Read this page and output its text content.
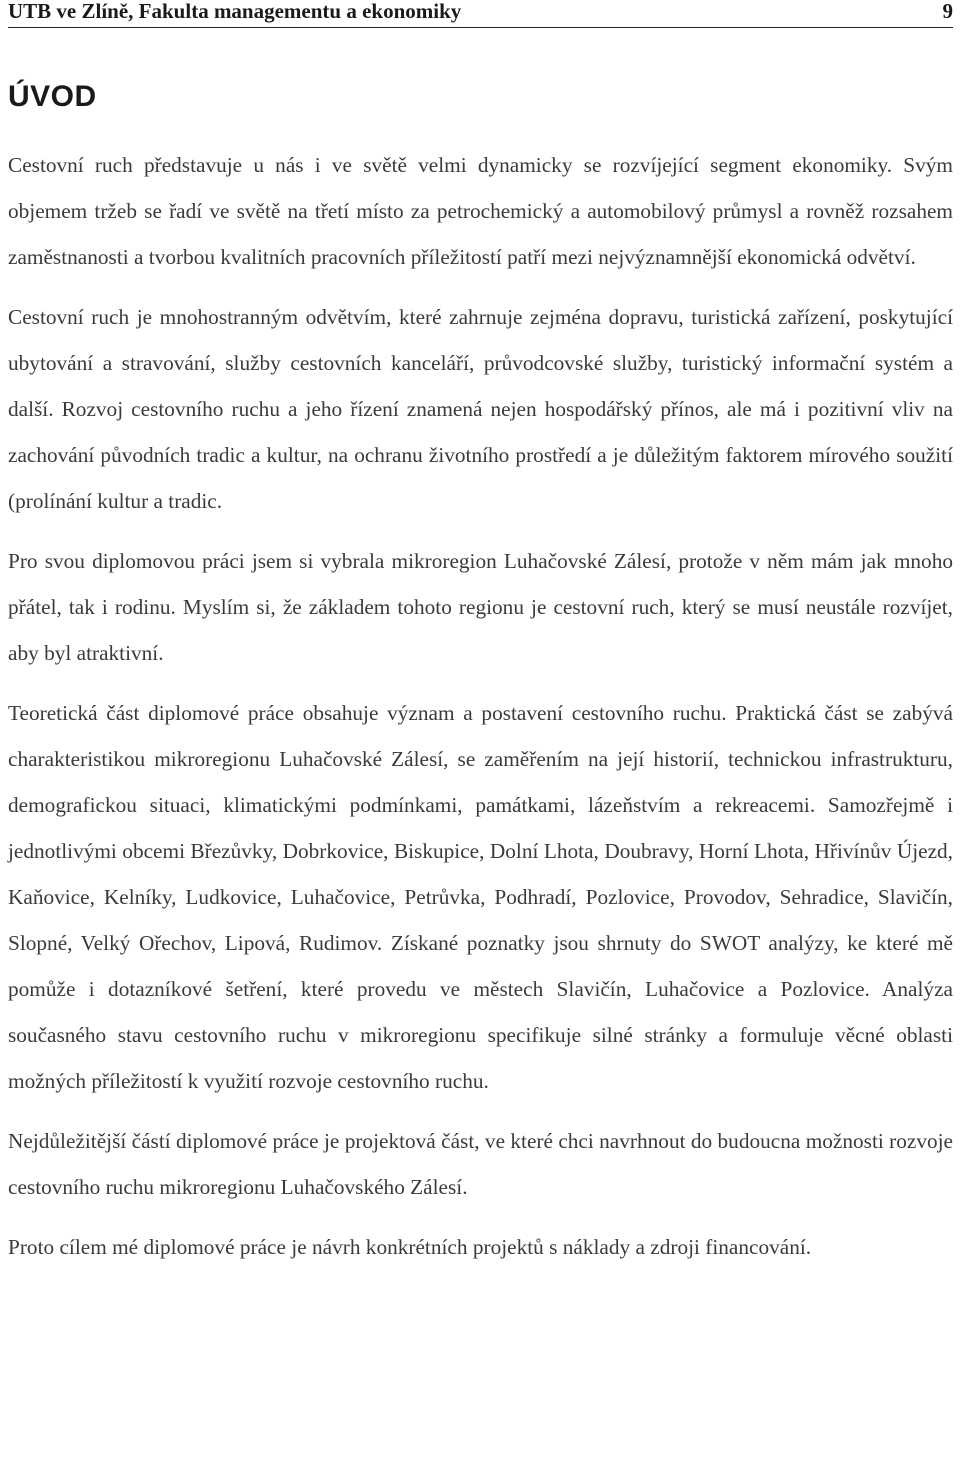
UTB ve Zlíně, Fakulta managementu a ekonomiky	9
ÚVOD

Cestovní ruch představuje u nás i ve světě velmi dynamicky se rozvíjející segment ekonomiky. Svým objemem tržeb se řadí ve světě na třetí místo za petrochemický a automobilový průmysl a rovněž rozsahem zaměstnanosti a tvorbou kvalitních pracovních příležitostí patří mezi nejvýznamnější ekonomická odvětví.

Cestovní ruch je mnohostranným odvětvím, které zahrnuje zejména dopravu, turistická zařízení, poskytující ubytování a stravování, služby cestovních kanceláří, průvodcovské služby, turistický informační systém a další. Rozvoj cestovního ruchu a jeho řízení znamená nejen hospodářský přínos, ale má i pozitivní vliv na zachování původních tradic a kultur, na ochranu životního prostředí a je důležitým faktorem mírového soužití (prolínání kultur a tradic.

Pro svou diplomovou práci jsem si vybrala mikroregion Luhačovské Zálesí, protože v něm mám jak mnoho přátel, tak i rodinu. Myslím si, že základem tohoto regionu je cestovní ruch, který se musí neustále rozvíjet, aby byl atraktivní.

Teoretická část diplomové práce obsahuje význam a postavení cestovního ruchu. Praktická část se zabývá charakteristikou mikroregionu Luhačovské Zálesí, se zaměřením na její historií, technickou infrastrukturu, demografickou situaci, klimatickými podmínkami, památkami, lázeňstvím a rekreacemi. Samozřejmě i jednotlivými obcemi Březůvky, Dobrkovice, Biskupice, Dolní Lhota, Doubravy, Horní Lhota, Hřivínův Újezd, Kaňovice, Kelníky, Ludkovice, Luhačovice, Petrůvka, Podhradí, Pozlovice, Provodov, Sehradice, Slavičín, Slopné, Velký Ořechov, Lipová, Rudimov. Získané poznatky jsou shrnuty do SWOT analýzy, ke které mě pomůže i dotazníkové šetření, které provedu ve městech Slavičín, Luhačovice a Pozlovice. Analýza současného stavu cestovního ruchu v mikroregionu specifikuje silné stránky a formuluje věcné oblasti možných příležitostí k využití rozvoje cestovního ruchu.

Nejdůležitější částí diplomové práce je projektová část, ve které chci navrhnout do budoucna možnosti rozvoje cestovního ruchu mikroregionu Luhačovského Zálesí.

Proto cílem mé diplomové práce je návrh konkrétních projektů s náklady a zdroji financování.
